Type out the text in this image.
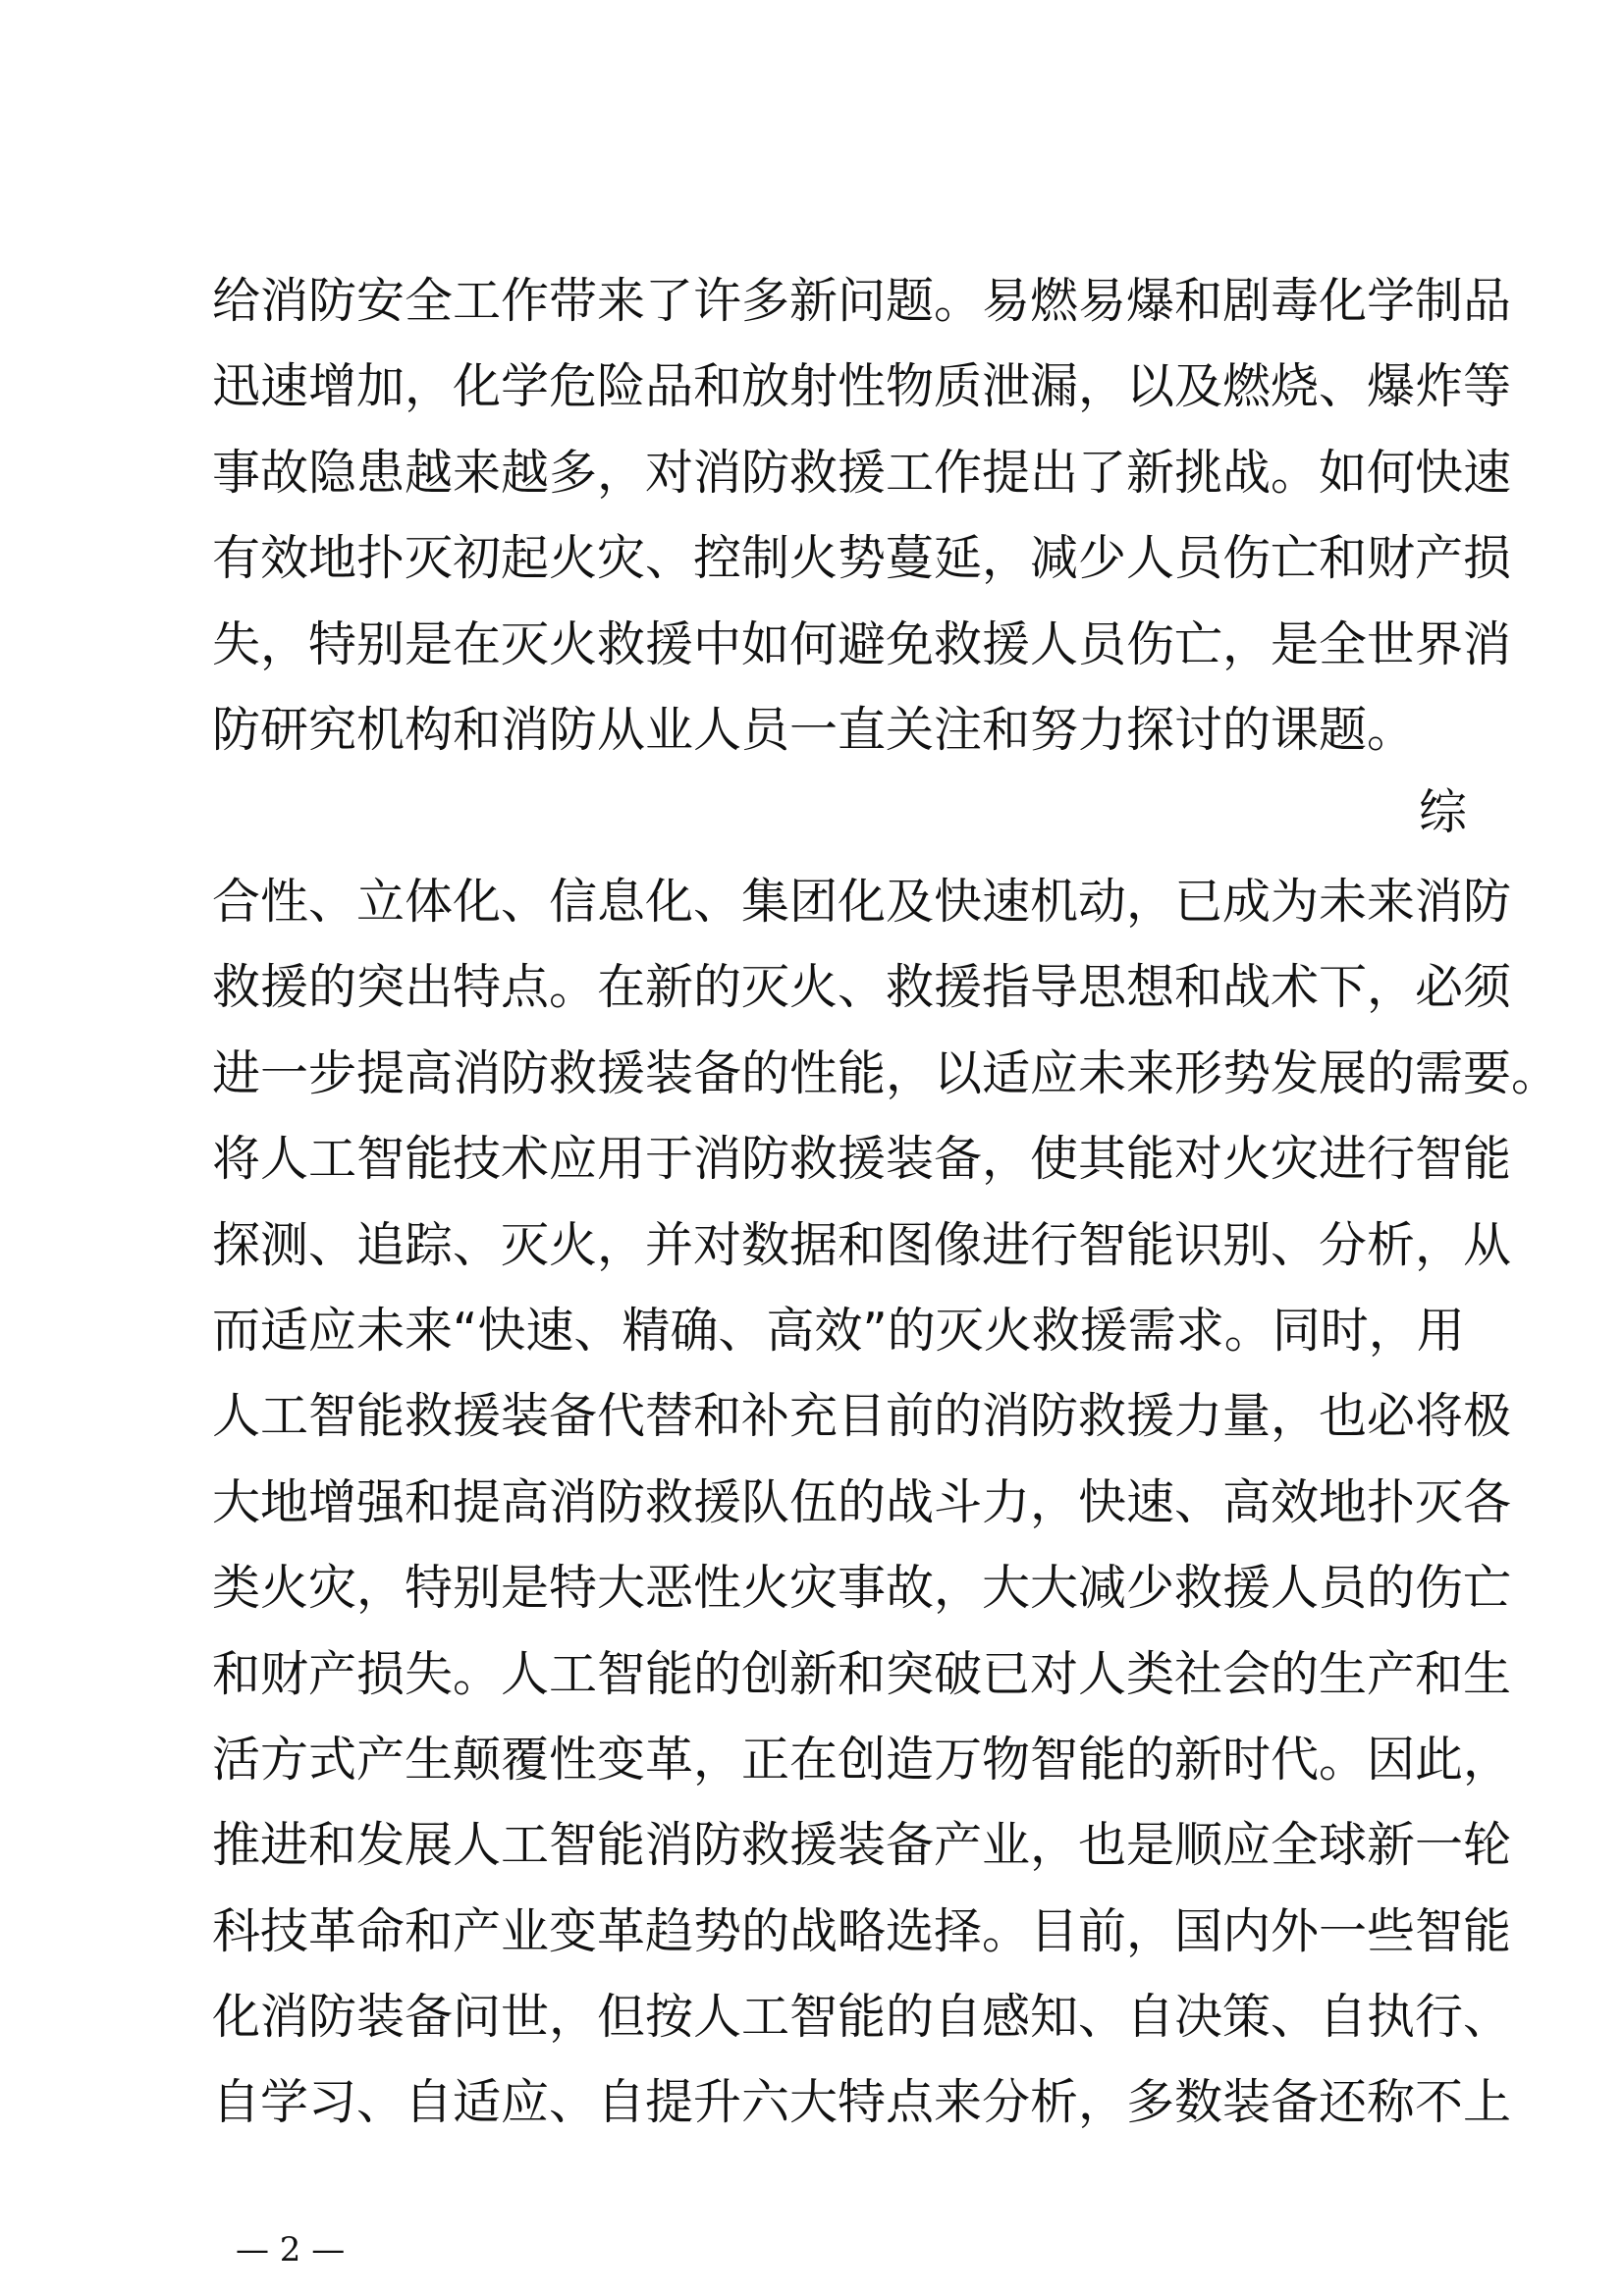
给消防安全工作带来了许多新问题。易燃易爆和剧毒化学制品
迅速增加，化学危险品和放射性物质泄漏，以及燃烧、爆炸等
事故隐患越来越多，对消防救援工作提出了新挑战。如何快速
有效地扑灭初起火灾、控制火势蔓延，减少人员伤亡和财产损
失，特别是在灭火救援中如何避免救援人员伤亡，是全世界消
防研究机构和消防从业人员一直关注和努力探讨的课题。
综
合性、立体化、信息化、集团化及快速机动，已成为未来消防
救援的突出特点。在新的灭火、救援指导思想和战术下，必须
进一步提高消防救援装备的性能，以适应未来形势发展的需要。
将人工智能技术应用于消防救援装备，使其能对火灾进行智能
探测、追踪、灭火，并对数据和图像进行智能识别、分析，从
而适应未来“快速、精确、高效”的灭火救援需求。同时，用
人工智能救援装备代替和补充目前的消防救援力量，也必将极
大地增强和提高消防救援队伍的战斗力，快速、高效地扑灭各
类火灾，特别是特大恶性火灾事故，大大减少救援人员的伤亡
和财产损失。人工智能的创新和突破已对人类社会的生产和生
活方式产生颠覆性变革，正在创造万物智能的新时代。因此，
推进和发展人工智能消防救援装备产业，也是顺应全球新一轮
科技革命和产业变革趋势的战略选择。目前，国内外一些智能
化消防装备问世，但按人工智能的自感知、自决策、自执行、
自学习、自适应、自提升六大特点来分析，多数装备还称不上
— 2 —
